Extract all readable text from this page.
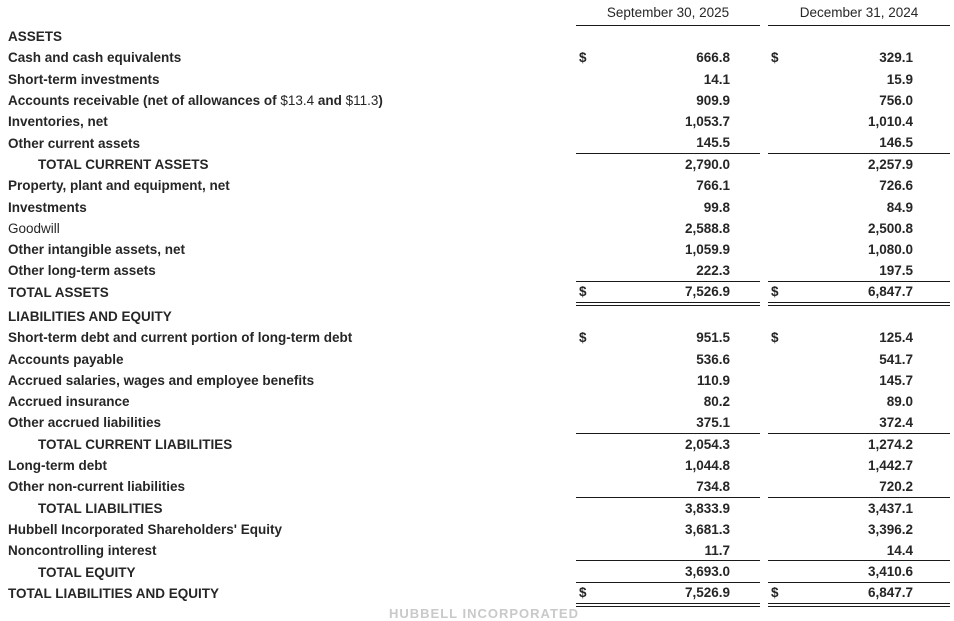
September 30, 2025	December 31, 2024
ASSETS
Cash and cash equivalents	$	666.8	$	329.1
Short-term investments	14.1	15.9
Accounts receivable (net of allowances of $13.4 and $11.3)	909.9	756.0
Inventories, net	1,053.7	1,010.4
Other current assets	145.5	146.5
TOTAL CURRENT ASSETS	2,790.0	2,257.9
Property, plant and equipment, net	766.1	726.6
Investments	99.8	84.9
Goodwill	2,588.8	2,500.8
Other intangible assets, net	1,059.9	1,080.0
Other long-term assets	222.3	197.5
TOTAL ASSETS	$	7,526.9	$	6,847.7
LIABILITIES AND EQUITY
Short-term debt and current portion of long-term debt	$	951.5	$	125.4
Accounts payable	536.6	541.7
Accrued salaries, wages and employee benefits	110.9	145.7
Accrued insurance	80.2	89.0
Other accrued liabilities	375.1	372.4
TOTAL CURRENT LIABILITIES	2,054.3	1,274.2
Long-term debt	1,044.8	1,442.7
Other non-current liabilities	734.8	720.2
TOTAL LIABILITIES	3,833.9	3,437.1
Hubbell Incorporated Shareholders' Equity	3,681.3	3,396.2
Noncontrolling interest	11.7	14.4
TOTAL EQUITY	3,693.0	3,410.6
TOTAL LIABILITIES AND EQUITY	$	7,526.9	$	6,847.7
HUBBELL INCORPORATED
